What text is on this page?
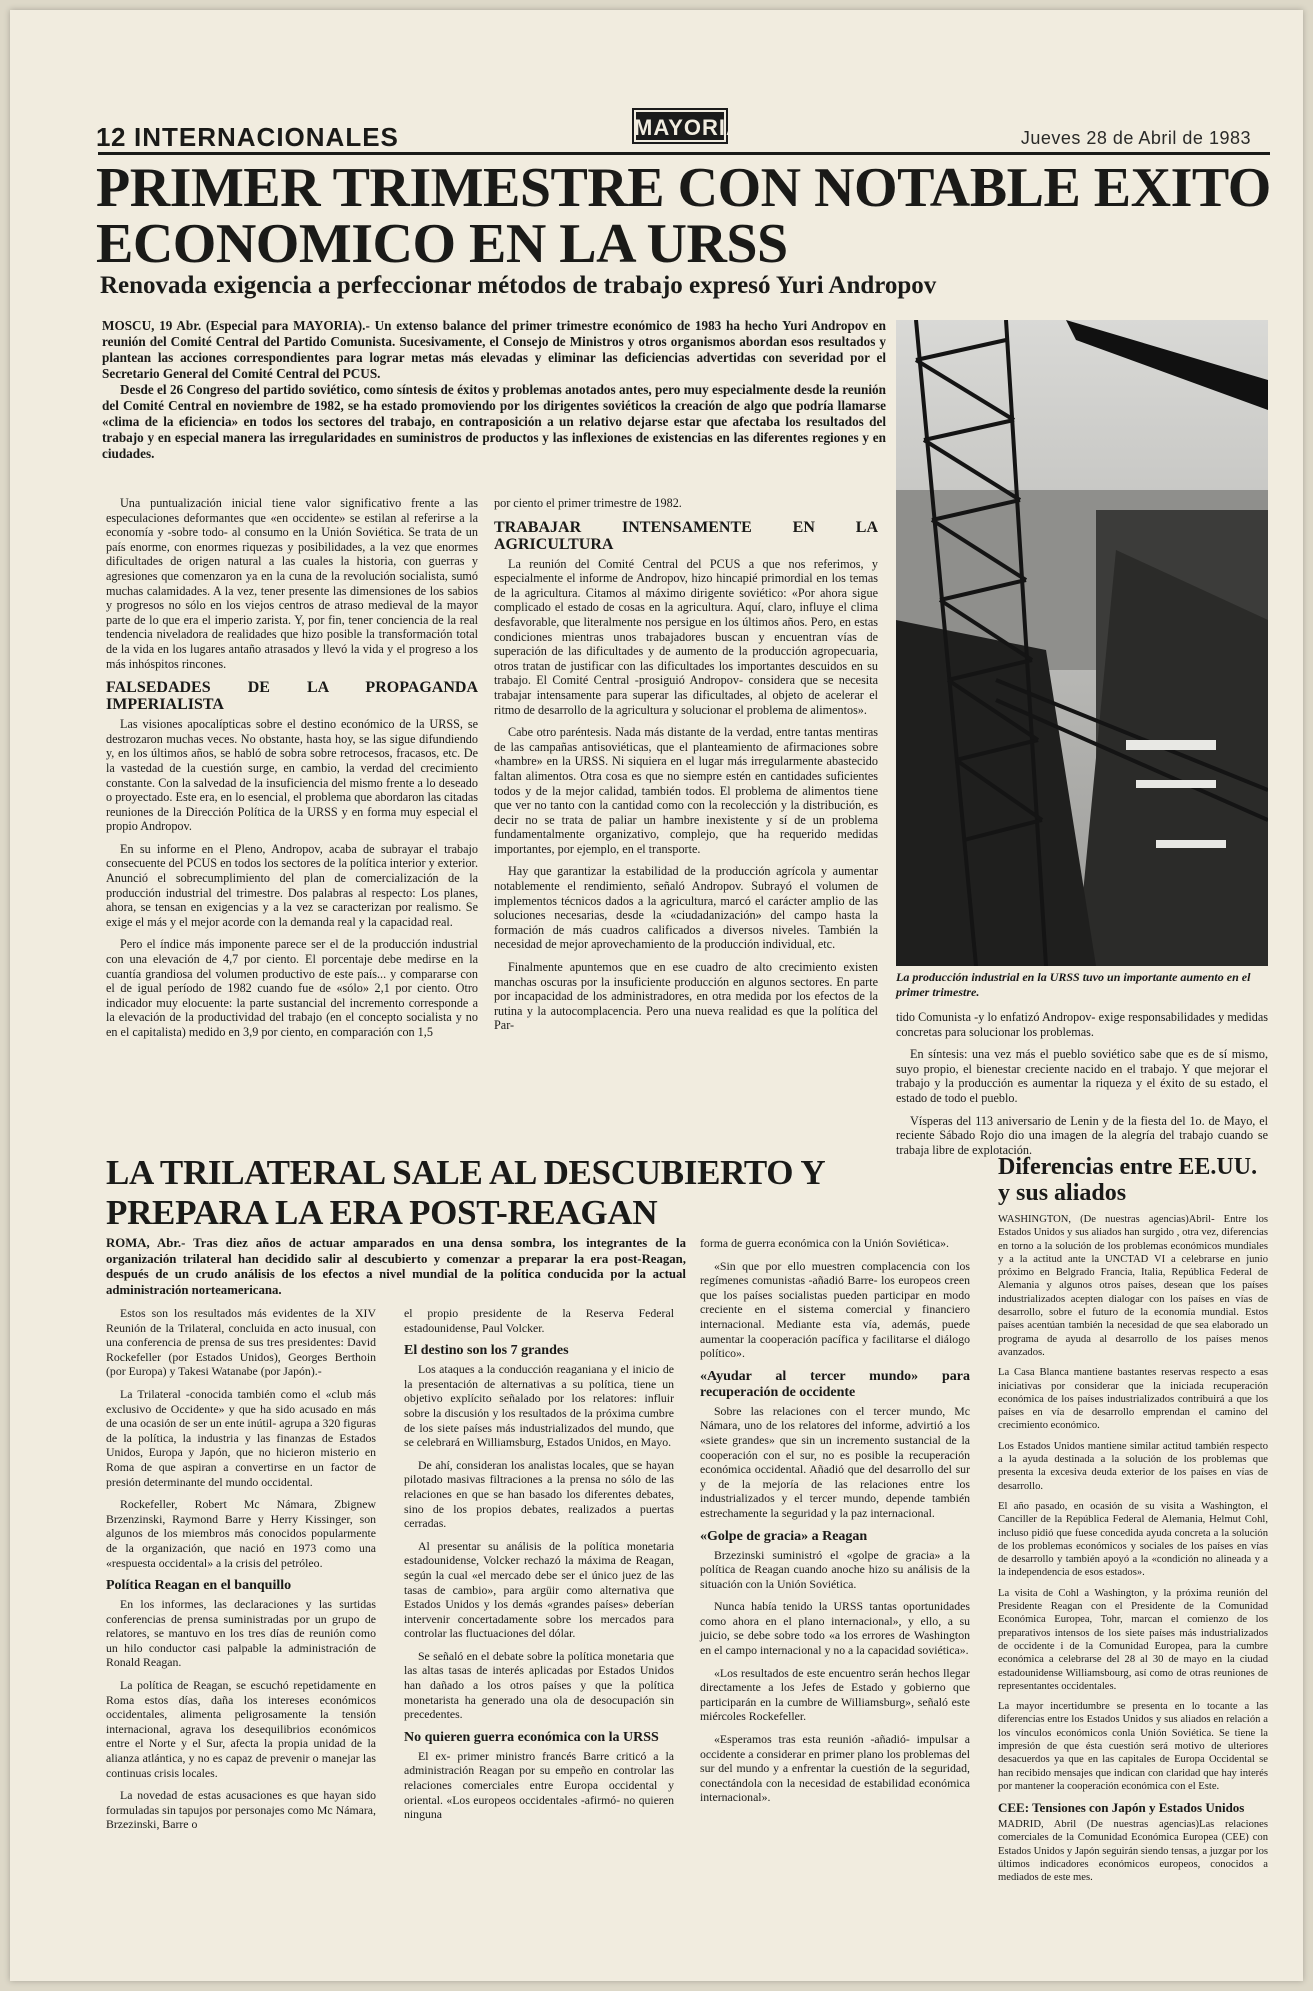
12 INTERNACIONALES	MAYORIA	Jueves 28 de Abril de 1983
PRIMER TRIMESTRE CON NOTABLE EXITO ECONOMICO EN LA URSS
Renovada exigencia a perfeccionar métodos de trabajo expresó Yuri Andropov

MOSCU, 19 Abr. (Especial para MAYORIA).- Un extenso balance del primer trimestre económico de 1983 ha hecho Yuri Andropov en reunión del Comité Central del Partido Comunista. Sucesivamente, el Consejo de Ministros y otros organismos abordan esos resultados y plantean las acciones correspondientes para lograr metas más elevadas y eliminar las deficiencias advertidas con severidad por el Secretario General del Comité Central del PCUS.

Desde el 26 Congreso del partido soviético, como síntesis de éxitos y problemas anotados antes, pero muy especialmente desde la reunión del Comité Central en noviembre de 1982, se ha estado promoviendo por los dirigentes soviéticos la creación de algo que podría llamarse «clima de la eficiencia» en todos los sectores del trabajo, en contraposición a un relativo dejarse estar que afectaba los resultados del trabajo y en especial manera las irregularidades en suministros de productos y las inflexiones de existencias en las diferentes regiones y en ciudades.

Una puntualización inicial tiene valor significativo frente a las especulaciones deformantes que «en occidente» se estilan al referirse a la economía y -sobre todo- al consumo en la Unión Soviética. Se trata de un país enorme, con enormes riquezas y posibilidades, a la vez que enormes dificultades de origen natural a las cuales la historia, con guerras y agresiones que comenzaron ya en la cuna de la revolución socialista, sumó muchas calamidades. A la vez, tener presente las dimensiones de los sabios y progresos no sólo en los viejos centros de atraso medieval de la mayor parte de lo que era el imperio zarista. Y, por fin, tener conciencia de la real tendencia niveladora de realidades que hizo posible la transformación total de la vida en los lugares antaño atrasados y llevó la vida y el progreso a los más inhóspitos rincones.

FALSEDADES DE LA PROPAGANDA IMPERIALISTA

Las visiones apocalípticas sobre el destino económico de la URSS, se destrozaron muchas veces. No obstante, hasta hoy, se las sigue difundiendo y, en los últimos años, se habló de sobra sobre retrocesos, fracasos, etc. De la vastedad de la cuestión surge, en cambio, la verdad del crecimiento constante. Con la salvedad de la insuficiencia del mismo frente a lo deseado o proyectado. Este era, en lo esencial, el problema que abordaron las citadas reuniones de la Dirección Política de la URSS y en forma muy especial el propio Andropov.

En su informe en el Pleno, Andropov, acaba de subrayar el trabajo consecuente del PCUS en todos los sectores de la política interior y exterior. Anunció el sobrecumplimiento del plan de comercialización de la producción industrial del trimestre. Dos palabras al respecto: Los planes, ahora, se tensan en exigencias y a la vez se caracterizan por realismo. Se exige el más y el mejor acorde con la demanda real y la capacidad real.

Pero el índice más imponente parece ser el de la producción industrial con una elevación de 4,7 por ciento. El porcentaje debe medirse en la cuantía grandiosa del volumen productivo de este país... y compararse con el de igual período de 1982 cuando fue de «sólo» 2,1 por ciento. Otro indicador muy elocuente: la parte sustancial del incremento corresponde a la elevación de la productividad del trabajo (en el concepto socialista y no en el capitalista) medido en 3,9 por ciento, en comparación con 1,5

por ciento el primer trimestre de 1982.

TRABAJAR INTENSAMENTE EN LA AGRICULTURA

La reunión del Comité Central del PCUS a que nos referimos, y especialmente el informe de Andropov, hizo hincapié primordial en los temas de la agricultura. Citamos al máximo dirigente soviético: «Por ahora sigue complicado el estado de cosas en la agricultura. Aquí, claro, influye el clima desfavorable, que literalmente nos persigue en los últimos años. Pero, en estas condiciones mientras unos trabajadores buscan y encuentran vías de superación de las dificultades y de aumento de la producción agropecuaria, otros tratan de justificar con las dificultades los importantes descuidos en su trabajo. El Comité Central -prosiguió Andropov- considera que se necesita trabajar intensamente para superar las dificultades, al objeto de acelerar el ritmo de desarrollo de la agricultura y solucionar el problema de alimentos».

Cabe otro paréntesis. Nada más distante de la verdad, entre tantas mentiras de las campañas antisoviéticas, que el planteamiento de afirmaciones sobre «hambre» en la URSS. Ni siquiera en el lugar más irregularmente abastecido faltan alimentos. Otra cosa es que no siempre estén en cantidades suficientes todos y de la mejor calidad, también todos. El problema de alimentos tiene que ver no tanto con la cantidad como con la recolección y la distribución, es decir no se trata de paliar un hambre inexistente y sí de un problema fundamentalmente organizativo, complejo, que ha requerido medidas importantes, por ejemplo, en el transporte.

Hay que garantizar la estabilidad de la producción agrícola y aumentar notablemente el rendimiento, señaló Andropov. Subrayó el volumen de implementos técnicos dados a la agricultura, marcó el carácter amplio de las soluciones necesarias, desde la «ciudadanización» del campo hasta la formación de más cuadros calificados a diversos niveles. También la necesidad de mejor aprovechamiento de la producción individual, etc.

Finalmente apuntemos que en ese cuadro de alto crecimiento existen manchas oscuras por la insuficiente producción en algunos sectores. En parte por incapacidad de los administradores, en otra medida por los efectos de la rutina y la autocomplacencia. Pero una nueva realidad es que la política del Par-

La producción industrial en la URSS tuvo un importante aumento en el primer trimestre.

tido Comunista -y lo enfatizó Andropov- exige responsabilidades y medidas concretas para solucionar los problemas.

En síntesis: una vez más el pueblo soviético sabe que es de sí mismo, suyo propio, el bienestar creciente nacido en el trabajo. Y que mejorar el trabajo y la producción es aumentar la riqueza y el éxito de su estado, el estado de todo el pueblo.

Vísperas del 113 aniversario de Lenin y de la fiesta del 1o. de Mayo, el reciente Sábado Rojo dio una imagen de la alegría del trabajo cuando se trabaja libre de explotación.

LA TRILATERAL SALE AL DESCUBIERTO Y PREPARA LA ERA POST-REAGAN
ROMA, Abr.- Tras diez años de actuar amparados en una densa sombra, los integrantes de la organización trilateral han decidido salir al descubierto y comenzar a preparar la era post-Reagan, después de un crudo análisis de los efectos a nivel mundial de la política conducida por la actual administración norteamericana.

Estos son los resultados más evidentes de la XIV Reunión de la Trilateral, concluida en acto inusual, con una conferencia de prensa de sus tres presidentes: David Rockefeller (por Estados Unidos), Georges Berthoin (por Europa) y Takesi Watanabe (por Japón).-

La Trilateral -conocida también como el «club más exclusivo de Occidente» y que ha sido acusado en más de una ocasión de ser un ente inútil- agrupa a 320 figuras de la política, la industria y las finanzas de Estados Unidos, Europa y Japón, que no hicieron misterio en Roma de que aspiran a convertirse en un factor de presión determinante del mundo occidental.

Rockefeller, Robert Mc Námara, Zbignew Brzenzinski, Raymond Barre y Herry Kissinger, son algunos de los miembros más conocidos popularmente de la organización, que nació en 1973 como una «respuesta occidental» a la crisis del petróleo.

Política Reagan en el banquillo

En los informes, las declaraciones y las surtidas conferencias de prensa suministradas por un grupo de relatores, se mantuvo en los tres días de reunión como un hilo conductor casi palpable la administración de Ronald Reagan.

La política de Reagan, se escuchó repetidamente en Roma estos días, daña los intereses económicos occidentales, alimenta peligrosamente la tensión internacional, agrava los desequilibrios económicos entre el Norte y el Sur, afecta la propia unidad de la alianza atlántica, y no es capaz de prevenir o manejar las continuas crisis locales.

La novedad de estas acusaciones es que hayan sido formuladas sin tapujos por personajes como Mc Námara, Brzezinski, Barre o

el propio presidente de la Reserva Federal estadounidense, Paul Volcker.

El destino son los 7 grandes

Los ataques a la conducción reaganiana y el inicio de la presentación de alternativas a su política, tiene un objetivo explícito señalado por los relatores: influir sobre la discusión y los resultados de la próxima cumbre de los siete países más industrializados del mundo, que se celebrará en Williamsburg, Estados Unidos, en Mayo.

De ahí, consideran los analistas locales, que se hayan pilotado masivas filtraciones a la prensa no sólo de las relaciones en que se han basado los diferentes debates, sino de los propios debates, realizados a puertas cerradas.

Al presentar su análisis de la política monetaria estadounidense, Volcker rechazó la máxima de Reagan, según la cual «el mercado debe ser el único juez de las tasas de cambio», para argüir como alternativa que Estados Unidos y los demás «grandes países» deberían intervenir concertadamente sobre los mercados para controlar las fluctuaciones del dólar.

Se señaló en el debate sobre la política monetaria que las altas tasas de interés aplicadas por Estados Unidos han dañado a los otros países y que la política monetarista ha generado una ola de desocupación sin precedentes.

No quieren guerra económica con la URSS

El ex- primer ministro francés Barre criticó a la administración Reagan por su empeño en controlar las relaciones comerciales entre Europa occidental y oriental. «Los europeos occidentales -afirmó- no quieren ninguna

forma de guerra económica con la Unión Soviética».

«Sin que por ello muestren complacencia con los regímenes comunistas -añadió Barre- los europeos creen que los países socialistas pueden participar en modo creciente en el sistema comercial y financiero internacional. Mediante esta vía, además, puede aumentar la cooperación pacífica y facilitarse el diálogo político».

«Ayudar al tercer mundo» para recuperación de occidente

Sobre las relaciones con el tercer mundo, Mc Námara, uno de los relatores del informe, advirtió a los «siete grandes» que sin un incremento sustancial de la cooperación con el sur, no es posible la recuperación económica occidental. Añadió que del desarrollo del sur y de la mejoría de las relaciones entre los industrializados y el tercer mundo, depende también estrechamente la seguridad y la paz internacional.

«Golpe de gracia» a Reagan

Brzezinski suministró el «golpe de gracia» a la política de Reagan cuando anoche hizo su análisis de la situación con la Unión Soviética.

Nunca había tenido la URSS tantas oportunidades como ahora en el plano internacional», y ello, a su juicio, se debe sobre todo «a los errores de Washington en el campo internacional y no a la capacidad soviética».

«Los resultados de este encuentro serán hechos llegar directamente a los Jefes de Estado y gobierno que participarán en la cumbre de Williamsburg», señaló este miércoles Rockefeller.

«Esperamos tras esta reunión -añadió- impulsar a occidente a considerar en primer plano los problemas del sur del mundo y a enfrentar la cuestión de la seguridad, conectándola con la necesidad de estabilidad económica internacional».

Diferencias entre EE.UU. y sus aliados

WASHINGTON, (De nuestras agencias)Abril- Entre los Estados Unidos y sus aliados han surgido , otra vez, diferencias en torno a la solución de los problemas económicos mundiales y a la actitud ante la UNCTAD VI a celebrarse en junio próximo en Belgrado Francia, Italia, República Federal de Alemania y algunos otros países, desean que los países industrializados acepten dialogar con los países en vías de desarrollo, sobre el futuro de la economía mundial. Estos países acentúan también la necesidad de que sea elaborado un programa de ayuda al desarrollo de los países menos avanzados.

La Casa Blanca mantiene bastantes reservas respecto a esas iniciativas por considerar que la iniciada recuperación económica de los países industrializados contribuirá a que los países en vía de desarrollo emprendan el camino del crecimiento económico.

Los Estados Unidos mantiene similar actitud también respecto a la ayuda destinada a la solución de los problemas que presenta la excesiva deuda exterior de los países en vías de desarrollo.

El año pasado, en ocasión de su visita a Washington, el Canciller de la República Federal de Alemania, Helmut Cohl, incluso pidió que fuese concedida ayuda concreta a la solución de los problemas económicos y sociales de los países en vías de desarrollo y también apoyó a la «condición no alineada y a la independencia de esos estados».

La visita de Cohl a Washington, y la próxima reunión del Presidente Reagan con el Presidente de la Comunidad Económica Europea, Tohr, marcan el comienzo de los preparativos intensos de los siete países más industrializados de occidente i de la Comunidad Europea, para la cumbre económica a celebrarse del 28 al 30 de mayo en la ciudad estadounidense Williamsbourg, así como de otras reuniones de representantes occidentales.

La mayor incertidumbre se presenta en lo tocante a las diferencias entre los Estados Unidos y sus aliados en relación a los vínculos económicos conla Unión Soviética. Se tiene la impresión de que ésta cuestión será motivo de ulteriores desacuerdos ya que en las capitales de Europa Occidental se han recibido mensajes que indican con claridad que hay interés por mantener la cooperación económica con el Este.

CEE: Tensiones con Japón y Estados Unidos

MADRID, Abril (De nuestras agencias)Las relaciones comerciales de la Comunidad Económica Europea (CEE) con Estados Unidos y Japón seguirán siendo tensas, a juzgar por los últimos indicadores económicos europeos, conocidos a mediados de este mes.
